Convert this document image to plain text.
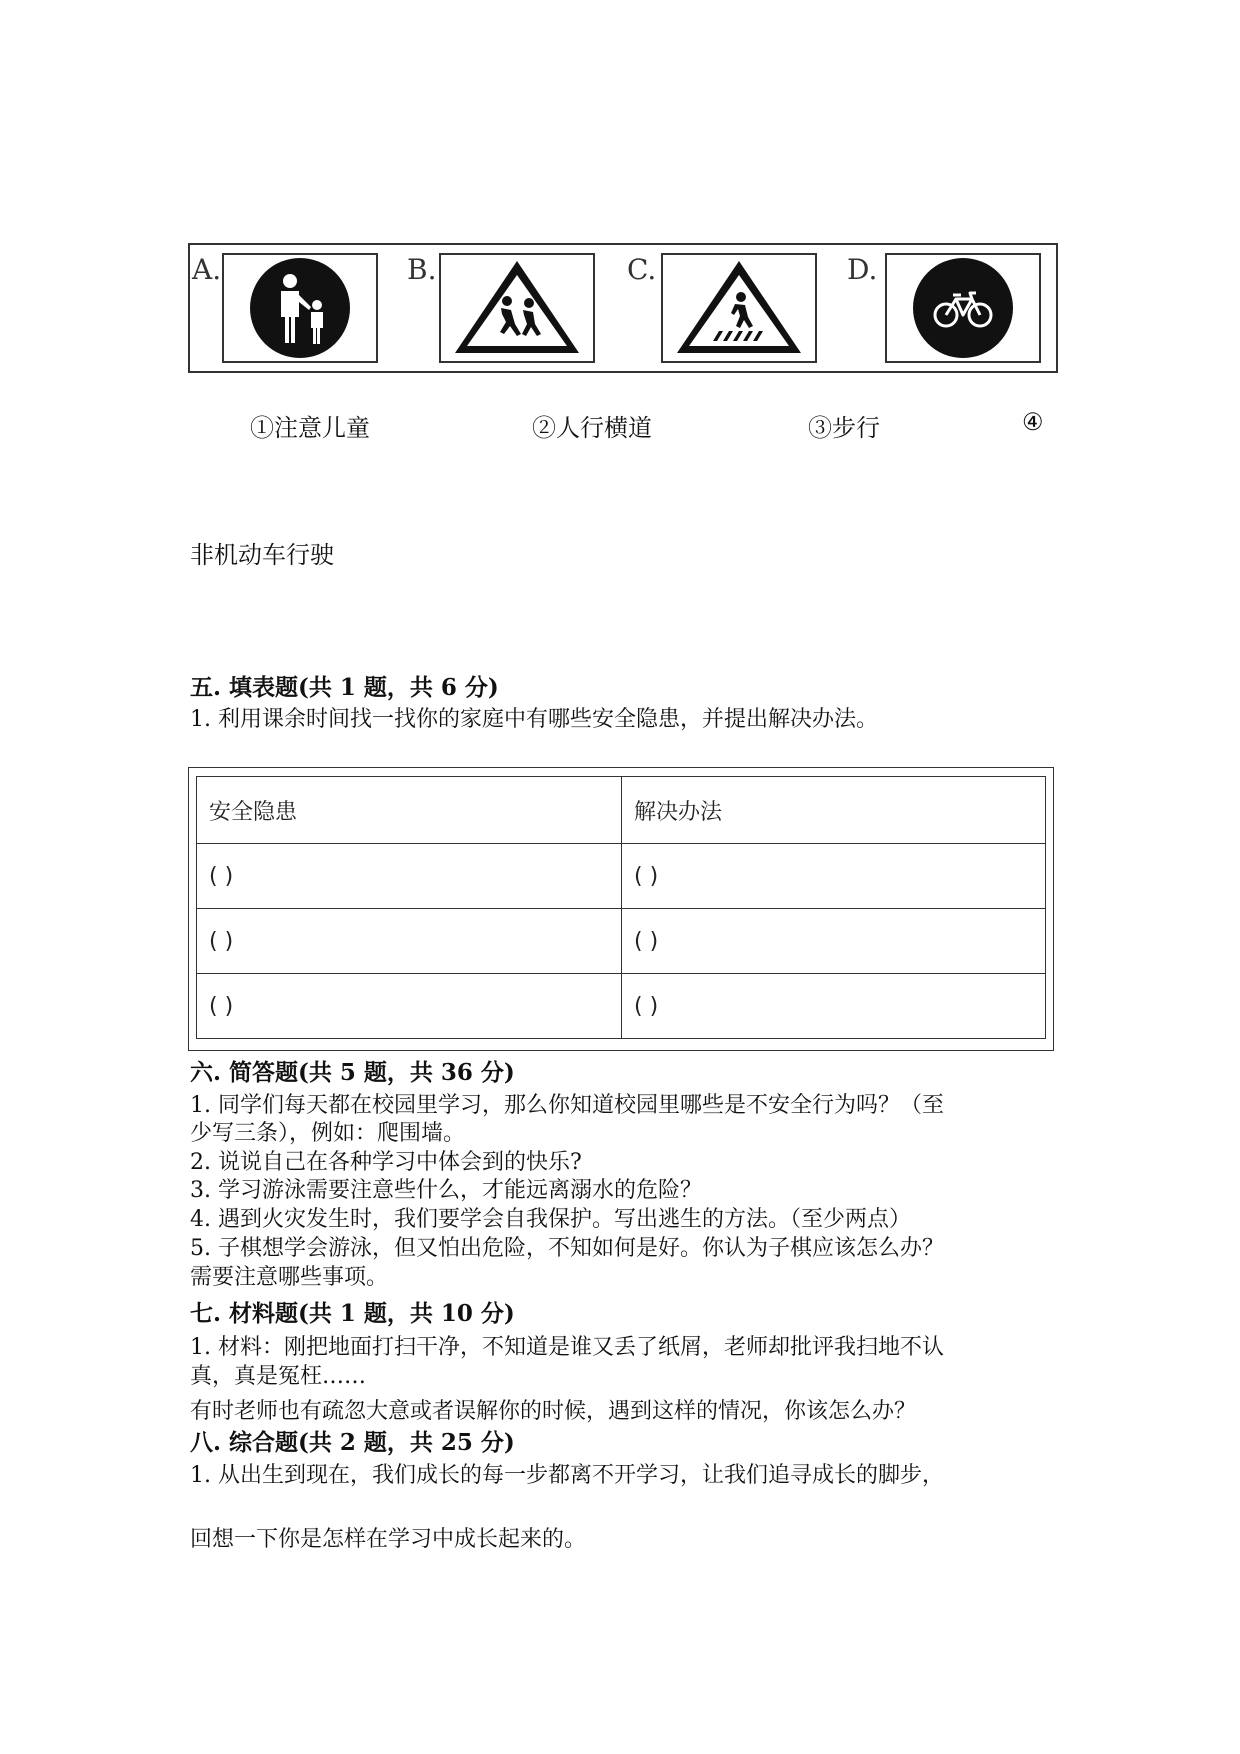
A.	B.	C.	D.
①注意儿童	②人行横道	③步行	④
非机动车行驶
五. 填表题(共 1 题，共 6 分)
1. 利用课余时间找一找你的家庭中有哪些安全隐患，并提出解决办法。
安全隐患	解决办法
( )	( )
( )	( )
( )	( )
六. 简答题(共 5 题，共 36 分)
1. 同学们每天都在校园里学习，那么你知道校园里哪些是不安全行为吗？（至
少写三条），例如：爬围墙。
2. 说说自己在各种学习中体会到的快乐?
3. 学习游泳需要注意些什么，才能远离溺水的危险？
4. 遇到火灾发生时，我们要学会自我保护。写出逃生的方法。（至少两点）
5. 子棋想学会游泳，但又怕出危险，不知如何是好。你认为子棋应该怎么办？
需要注意哪些事项。
七. 材料题(共 1 题，共 10 分)
1. 材料：刚把地面打扫干净，不知道是谁又丢了纸屑，老师却批评我扫地不认
真，真是冤枉……
有时老师也有疏忽大意或者误解你的时候，遇到这样的情况，你该怎么办？
八. 综合题(共 2 题，共 25 分)
1. 从出生到现在，我们成长的每一步都离不开学习，让我们追寻成长的脚步，
回想一下你是怎样在学习中成长起来的。
